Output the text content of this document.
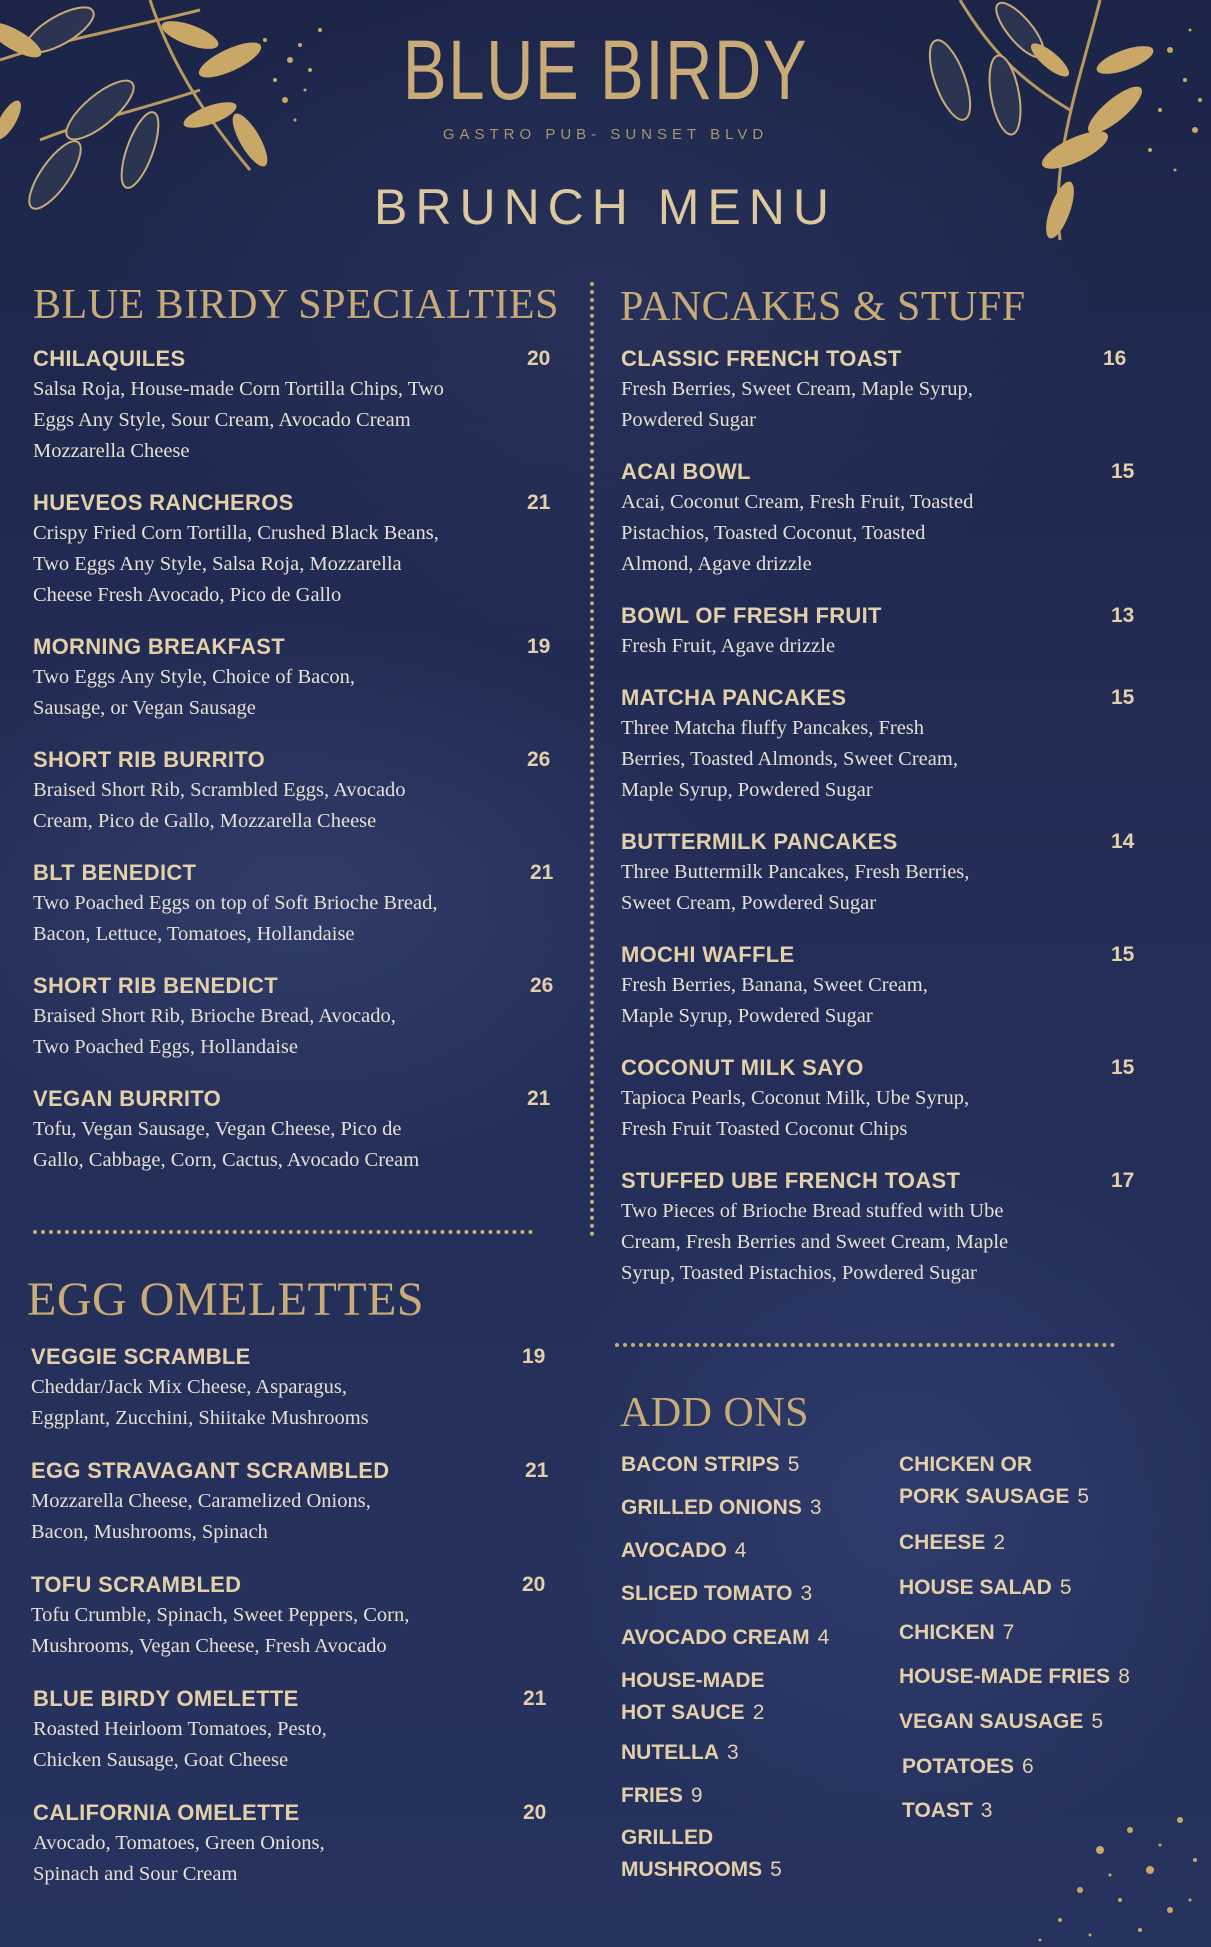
BLUE BIRDY
GASTRO PUB- SUNSET BLVD
BRUNCH MENU
BLUE BIRDY SPECIALTIES PANCAKES & STUFF
EGG OMELETTES
ADD ONS
CHILAQUILES	20
Salsa Roja, House-made Corn Tortilla Chips, Two
Eggs Any Style, Sour Cream, Avocado Cream
Mozzarella Cheese
HUEVEOS RANCHEROS	21
Crispy Fried Corn Tortilla, Crushed Black Beans,
Two Eggs Any Style, Salsa Roja, Mozzarella
Cheese Fresh Avocado, Pico de Gallo
MORNING BREAKFAST	19
Two Eggs Any Style, Choice of Bacon,
Sausage, or Vegan Sausage
SHORT RIB BURRITO	26
Braised Short Rib, Scrambled Eggs, Avocado
Cream, Pico de Gallo, Mozzarella Cheese
BLT BENEDICT	21
Two Poached Eggs on top of Soft Brioche Bread,
Bacon, Lettuce, Tomatoes, Hollandaise
SHORT RIB BENEDICT	26
Braised Short Rib, Brioche Bread, Avocado,
Two Poached Eggs, Hollandaise
VEGAN BURRITO	21
Tofu, Vegan Sausage, Vegan Cheese, Pico de
Gallo, Cabbage, Corn, Cactus, Avocado Cream
VEGGIE SCRAMBLE	19
Cheddar/Jack Mix Cheese, Asparagus,
Eggplant, Zucchini, Shiitake Mushrooms
EGG STRAVAGANT SCRAMBLED	21
Mozzarella Cheese, Caramelized Onions,
Bacon, Mushrooms, Spinach
TOFU SCRAMBLED	20
Tofu Crumble, Spinach, Sweet Peppers, Corn,
Mushrooms, Vegan Cheese, Fresh Avocado
BLUE BIRDY OMELETTE	21
Roasted Heirloom Tomatoes, Pesto,
Chicken Sausage, Goat Cheese
CALIFORNIA OMELETTE	20
Avocado, Tomatoes, Green Onions,
Spinach and Sour Cream
CLASSIC FRENCH TOAST	16
Fresh Berries, Sweet Cream, Maple Syrup,
Powdered Sugar
ACAI BOWL	15
Acai, Coconut Cream, Fresh Fruit, Toasted
Pistachios, Toasted Coconut, Toasted
Almond, Agave drizzle
BOWL OF FRESH FRUIT	13
Fresh Fruit, Agave drizzle
MATCHA PANCAKES	15
Three Matcha fluffy Pancakes, Fresh
Berries, Toasted Almonds, Sweet Cream,
Maple Syrup, Powdered Sugar
BUTTERMILK PANCAKES	14
Three Buttermilk Pancakes, Fresh Berries,
Sweet Cream, Powdered Sugar
MOCHI WAFFLE	15
Fresh Berries, Banana, Sweet Cream,
Maple Syrup, Powdered Sugar
COCONUT MILK SAYO	15
Tapioca Pearls, Coconut Milk, Ube Syrup,
Fresh Fruit Toasted Coconut Chips
STUFFED UBE FRENCH TOAST	17
Two Pieces of Brioche Bread stuffed with Ube
Cream, Fresh Berries and Sweet Cream, Maple
Syrup, Toasted Pistachios, Powdered Sugar
BACON STRIPS 5
GRILLED ONIONS 3
AVOCADO 4
SLICED TOMATO 3
AVOCADO CREAM 4
HOUSE-MADE
HOT SAUCE 2
NUTELLA 3
FRIES 9
GRILLED
MUSHROOMS 5
CHICKEN OR
PORK SAUSAGE 5
CHEESE 2
HOUSE SALAD 5
CHICKEN 7
HOUSE-MADE FRIES 8
VEGAN SAUSAGE 5
POTATOES 6
TOAST 3
